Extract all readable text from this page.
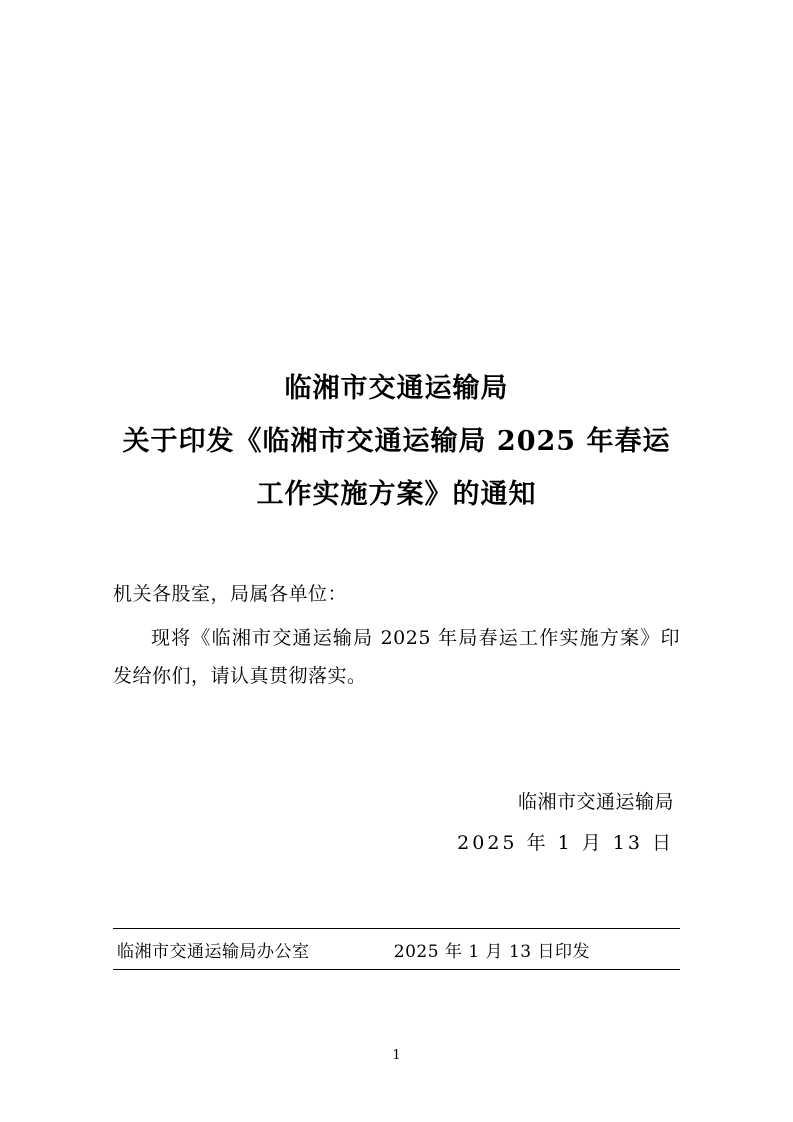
临湘市交通运输局
关于印发《临湘市交通运输局 2025 年春运
工作实施方案》的通知
机关各股室，局属各单位：
现将《临湘市交通运输局 2025 年局春运工作实施方案》印发给你们，请认真贯彻落实。
临湘市交通运输局
2025 年 1 月 13 日
临湘市交通运输局办公室	2025 年 1 月 13 日印发
1
